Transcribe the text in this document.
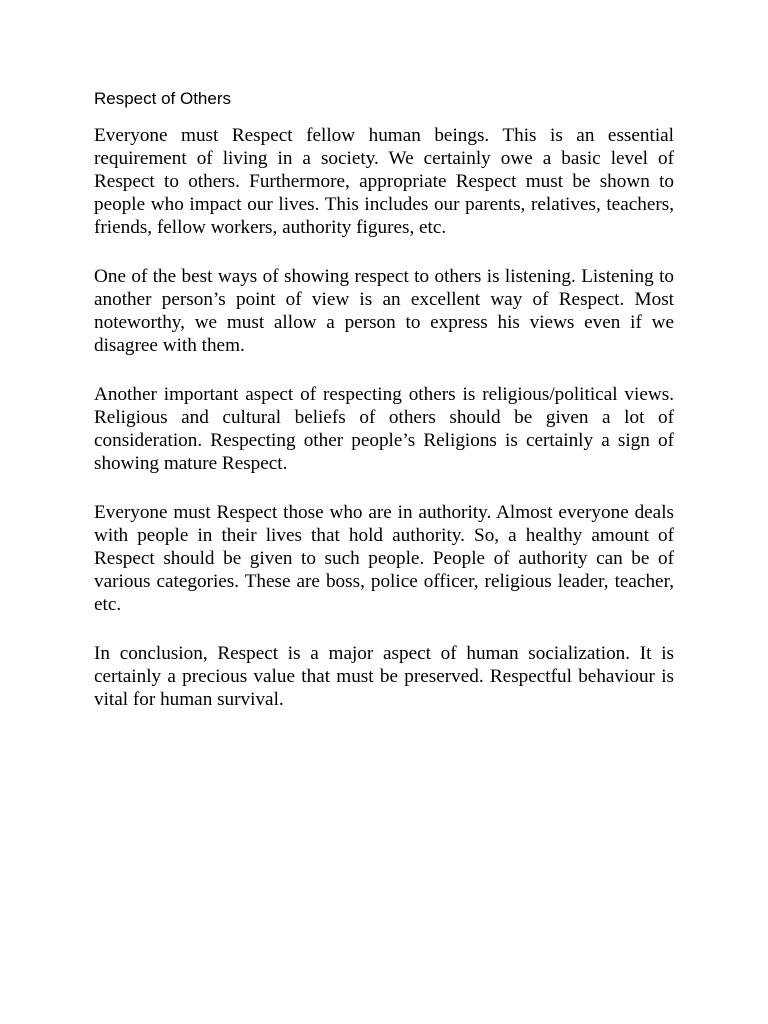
Respect of Others

Everyone must Respect fellow human beings. This is an essential requirement of living in a society. We certainly owe a basic level of Respect to others. Furthermore, appropriate Respect must be shown to people who impact our lives. This includes our parents, relatives, teachers, friends, fellow workers, authority figures, etc.

One of the best ways of showing respect to others is listening. Listening to another person’s point of view is an excellent way of Respect. Most noteworthy, we must allow a person to express his views even if we disagree with them.

Another important aspect of respecting others is religious/political views. Religious and cultural beliefs of others should be given a lot of consideration. Respecting other people’s Religions is certainly a sign of showing mature Respect.

Everyone must Respect those who are in authority. Almost everyone deals with people in their lives that hold authority. So, a healthy amount of Respect should be given to such people. People of authority can be of various categories. These are boss, police officer, religious leader, teacher, etc.

In conclusion, Respect is a major aspect of human socialization. It is certainly a precious value that must be preserved. Respectful behaviour is vital for human survival.
